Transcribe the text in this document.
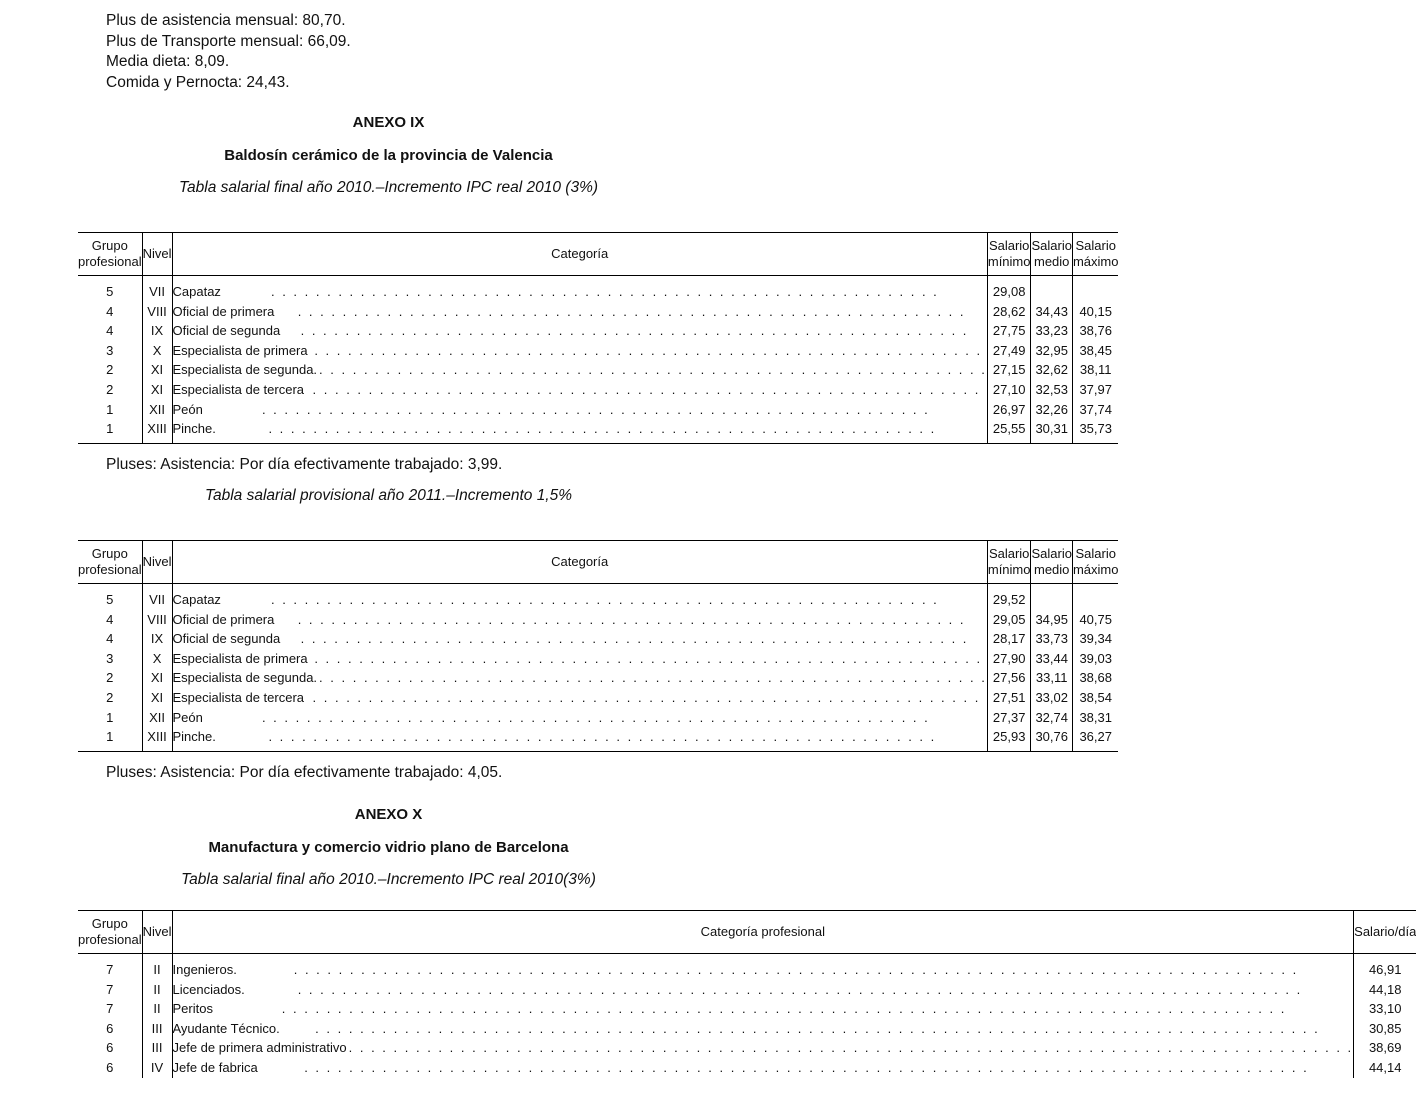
Plus de asistencia mensual: 80,70.
Plus de Transporte mensual: 66,09.
Media dieta: 8,09.
Comida y Pernocta: 24,43.
ANEXO IX
Baldosín cerámico de la provincia de Valencia
Tabla salarial final año 2010.–Incremento IPC real 2010 (3%)
Grupo profesional	Nivel	Categoría	Salario mínimo	Salario medio	Salario máximo
5	VII	Capataz . . . . . . . . . . . . . . . . . . . . . . . . . . . . . . . . . . . . . . . . . . . . . . . . . . . . . . . . . . . .	29,08		
4	VIII	Oficial de primera . . . . . . . . . . . . . . . . . . . . . . . . . . . . . . . . . . . . . . . . . . . . . . . . . . . . . . . . . . . .	28,62	34,43	40,15
4	IX	Oficial de segunda . . . . . . . . . . . . . . . . . . . . . . . . . . . . . . . . . . . . . . . . . . . . . . . . . . . . . . . . . . . .	27,75	33,23	38,76
3	X	Especialista de primera . . . . . . . . . . . . . . . . . . . . . . . . . . . . . . . . . . . . . . . . . . . . . . . . . . . . . . . . . . . .	27,49	32,95	38,45
2	XI	Especialista de segunda. . . . . . . . . . . . . . . . . . . . . . . . . . . . . . . . . . . . . . . . . . . . . . . . . . . . . . . . . . . . .	27,15	32,62	38,11
2	XI	Especialista de tercera . . . . . . . . . . . . . . . . . . . . . . . . . . . . . . . . . . . . . . . . . . . . . . . . . . . . . . . . . . . .	27,10	32,53	37,97
1	XII	Peón . . . . . . . . . . . . . . . . . . . . . . . . . . . . . . . . . . . . . . . . . . . . . . . . . . . . . . . . . . . .	26,97	32,26	37,74
1	XIII	Pinche. . . . . . . . . . . . . . . . . . . . . . . . . . . . . . . . . . . . . . . . . . . . . . . . . . . . . . . . . . . . .	25,55	30,31	35,73
Pluses: Asistencia: Por día efectivamente trabajado: 3,99.
Tabla salarial provisional año 2011.–Incremento 1,5%
Grupo profesional	Nivel	Categoría	Salario mínimo	Salario medio	Salario máximo
5	VII	Capataz . . . . . . . . . . . . . . . . . . . . . . . . . . . . . . . . . . . . . . . . . . . . . . . . . . . . . . . . . . . .	29,52		
4	VIII	Oficial de primera . . . . . . . . . . . . . . . . . . . . . . . . . . . . . . . . . . . . . . . . . . . . . . . . . . . . . . . . . . . .	29,05	34,95	40,75
4	IX	Oficial de segunda . . . . . . . . . . . . . . . . . . . . . . . . . . . . . . . . . . . . . . . . . . . . . . . . . . . . . . . . . . . .	28,17	33,73	39,34
3	X	Especialista de primera . . . . . . . . . . . . . . . . . . . . . . . . . . . . . . . . . . . . . . . . . . . . . . . . . . . . . . . . . . . .	27,90	33,44	39,03
2	XI	Especialista de segunda. . . . . . . . . . . . . . . . . . . . . . . . . . . . . . . . . . . . . . . . . . . . . . . . . . . . . . . . . . . . .	27,56	33,11	38,68
2	XI	Especialista de tercera . . . . . . . . . . . . . . . . . . . . . . . . . . . . . . . . . . . . . . . . . . . . . . . . . . . . . . . . . . . .	27,51	33,02	38,54
1	XII	Peón . . . . . . . . . . . . . . . . . . . . . . . . . . . . . . . . . . . . . . . . . . . . . . . . . . . . . . . . . . . .	27,37	32,74	38,31
1	XIII	Pinche. . . . . . . . . . . . . . . . . . . . . . . . . . . . . . . . . . . . . . . . . . . . . . . . . . . . . . . . . . . . .	25,93	30,76	36,27
Pluses: Asistencia: Por día efectivamente trabajado: 4,05.
ANEXO X
Manufactura y comercio vidrio plano de Barcelona
Tabla salarial final año 2010.–Incremento IPC real 2010(3%)
Grupo profesional	Nivel	Categoría profesional	Salario/día
7	II	Ingenieros. . . . . . . . . . . . . . . . . . . . . . . . . . . . . . . . . . . . . . . . . . . . . . . . . . . . . . . . . . . . . . . . . . . . . . . . . . . . . . . . . . . . . . . . . . .	46,91
7	II	Licenciados. . . . . . . . . . . . . . . . . . . . . . . . . . . . . . . . . . . . . . . . . . . . . . . . . . . . . . . . . . . . . . . . . . . . . . . . . . . . . . . . . . . . . . . . . . .	44,18
7	II	Peritos . . . . . . . . . . . . . . . . . . . . . . . . . . . . . . . . . . . . . . . . . . . . . . . . . . . . . . . . . . . . . . . . . . . . . . . . . . . . . . . . . . . . . . . . . .	33,10
6	III	Ayudante Técnico. . . . . . . . . . . . . . . . . . . . . . . . . . . . . . . . . . . . . . . . . . . . . . . . . . . . . . . . . . . . . . . . . . . . . . . . . . . . . . . . . . . . . . . . . . .	30,85
6	III	Jefe de primera administrativo . . . . . . . . . . . . . . . . . . . . . . . . . . . . . . . . . . . . . . . . . . . . . . . . . . . . . . . . . . . . . . . . . . . . . . . . . . . . . . . . . . . . . . . . . .	38,69
6	IV	Jefe de fabrica . . . . . . . . . . . . . . . . . . . . . . . . . . . . . . . . . . . . . . . . . . . . . . . . . . . . . . . . . . . . . . . . . . . . . . . . . . . . . . . . . . . . . . . . . .	44,14
